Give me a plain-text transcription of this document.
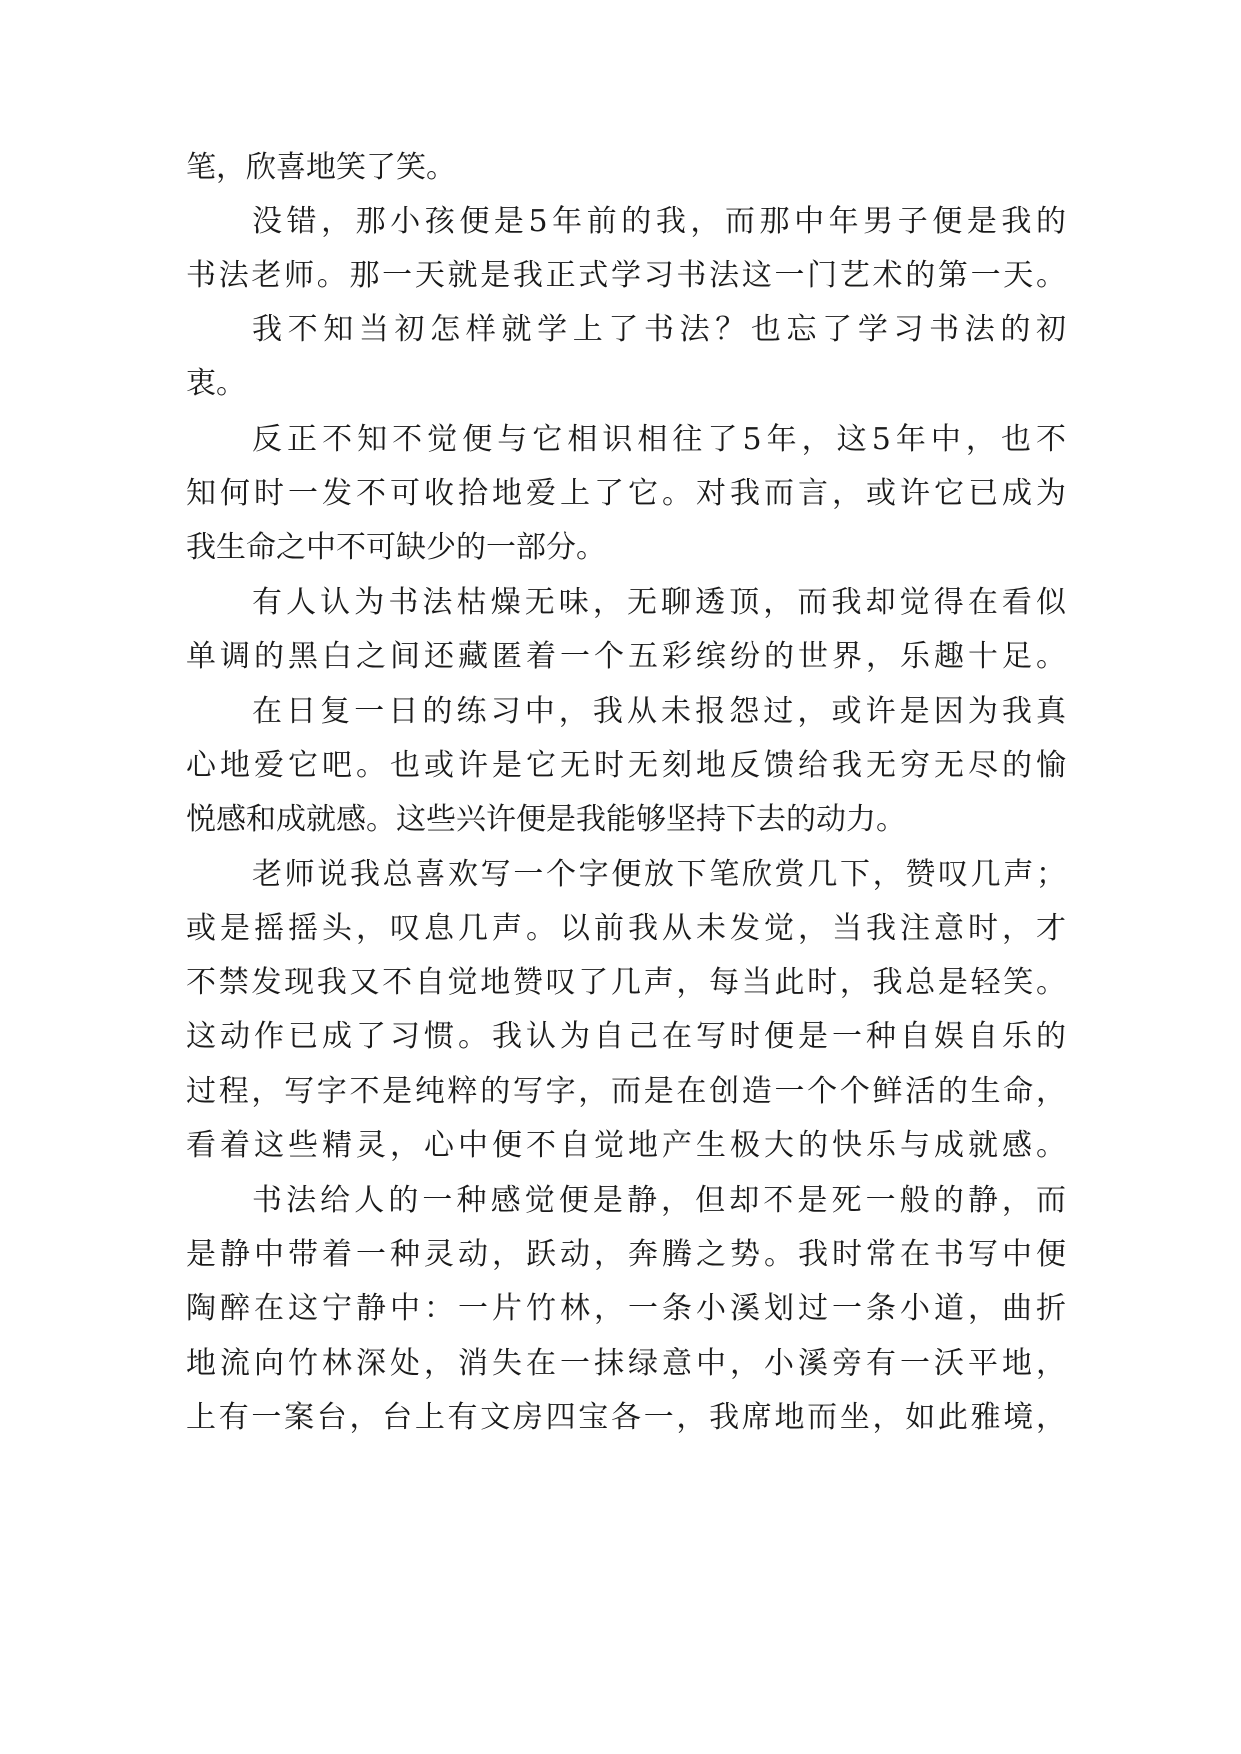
笔，欣喜地笑了笑。

没错，那小孩便是5年前的我，而那中年男子便是我的

书法老师。那一天就是我正式学习书法这一门艺术的第一天。

我不知当初怎样就学上了书法？也忘了学习书法的初

衷。

反正不知不觉便与它相识相往了5年，这5年中，也不

知何时一发不可收拾地爱上了它。对我而言，或许它已成为

我生命之中不可缺少的一部分。

有人认为书法枯燥无味，无聊透顶，而我却觉得在看似

单调的黑白之间还藏匿着一个五彩缤纷的世界，乐趣十足。

在日复一日的练习中，我从未报怨过，或许是因为我真

心地爱它吧。也或许是它无时无刻地反馈给我无穷无尽的愉

悦感和成就感。这些兴许便是我能够坚持下去的动力。

老师说我总喜欢写一个字便放下笔欣赏几下，赞叹几声；

或是摇摇头，叹息几声。以前我从未发觉，当我注意时，才

不禁发现我又不自觉地赞叹了几声，每当此时，我总是轻笑。

这动作已成了习惯。我认为自己在写时便是一种自娱自乐的

过程，写字不是纯粹的写字，而是在创造一个个鲜活的生命，

看着这些精灵，心中便不自觉地产生极大的快乐与成就感。

书法给人的一种感觉便是静，但却不是死一般的静，而

是静中带着一种灵动，跃动，奔腾之势。我时常在书写中便

陶醉在这宁静中：一片竹林，一条小溪划过一条小道，曲折

地流向竹林深处，消失在一抹绿意中，小溪旁有一沃平地，

上有一案台，台上有文房四宝各一，我席地而坐，如此雅境，
